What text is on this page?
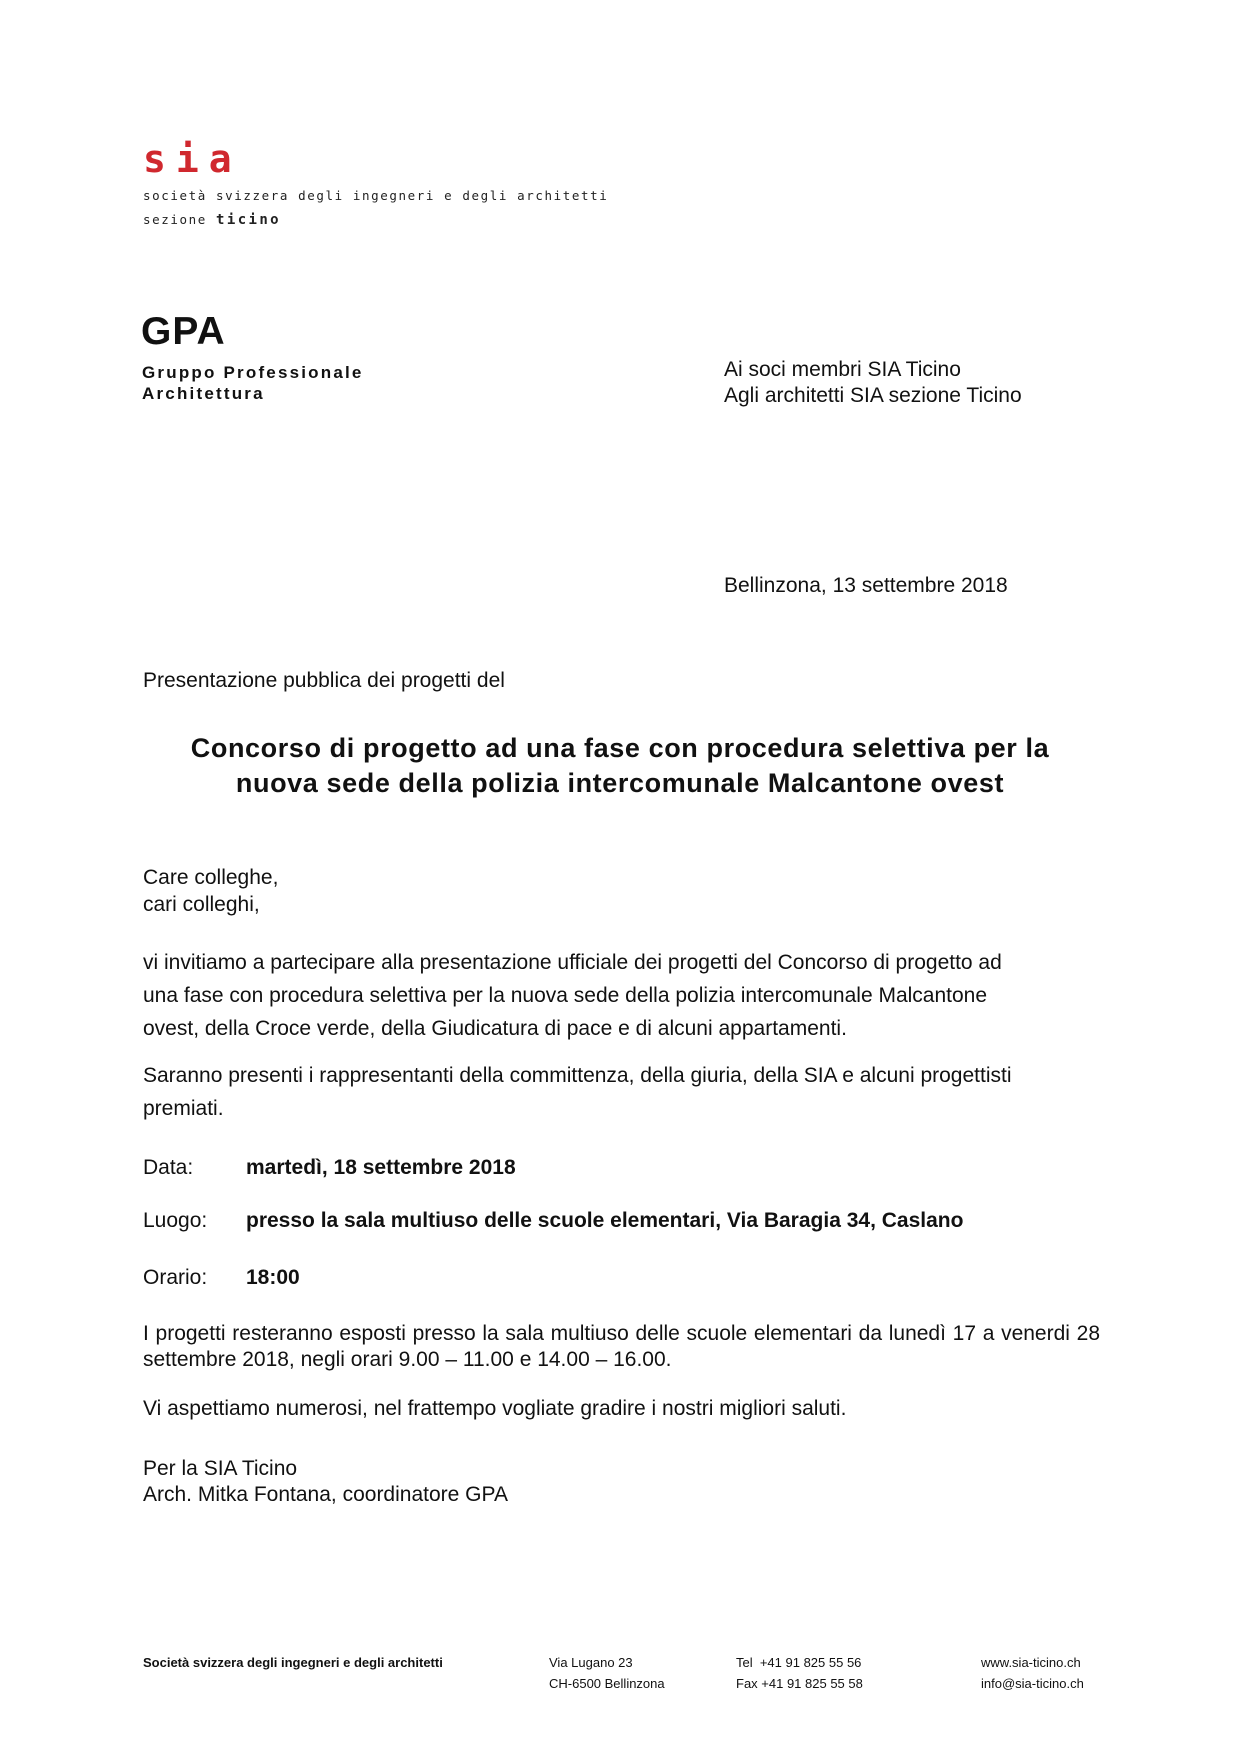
sia
società svizzera degli ingegneri e degli architetti
sezione ticino
GPA
Gruppo Professionale
Architettura
Ai soci membri SIA Ticino
Agli architetti SIA sezione Ticino
Bellinzona, 13 settembre 2018
Presentazione pubblica dei progetti del
Concorso di progetto ad una fase con procedura selettiva per la
nuova sede della polizia intercomunale Malcantone ovest
Care colleghe,
cari colleghi,
vi invitiamo a partecipare alla presentazione ufficiale dei progetti del Concorso di progetto ad
una fase con procedura selettiva per la nuova sede della polizia intercomunale Malcantone
ovest, della Croce verde, della Giudicatura di pace e di alcuni appartamenti.
Saranno presenti i rappresentanti della committenza, della giuria, della SIA e alcuni progettisti
premiati.
Data:	martedì, 18 settembre 2018
Luogo: presso la sala multiuso delle scuole elementari, Via Baragia 34, Caslano
Orario: 18:00
I progetti resteranno esposti presso la sala multiuso delle scuole elementari da lunedì 17 a venerdi 28 settembre 2018, negli orari 9.00 – 11.00 e 14.00 – 16.00.
Vi aspettiamo numerosi, nel frattempo vogliate gradire i nostri migliori saluti.
Per la SIA Ticino
Arch. Mitka Fontana, coordinatore GPA
Società svizzera degli ingegneri e degli architetti	Via Lugano 23
CH-6500 Bellinzona
Tel  +41 91 825 55 56
Fax +41 91 825 55 58
www.sia-ticino.ch
info@sia-ticino.ch
